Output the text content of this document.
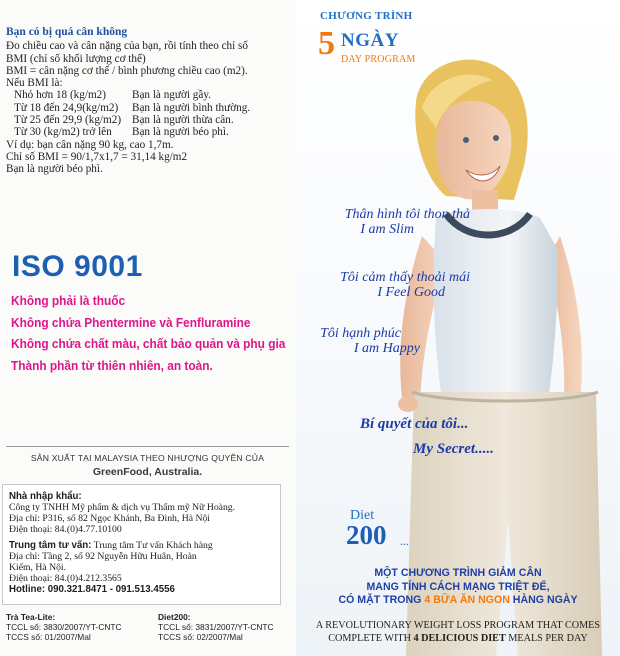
Bạn có bị quá cân không
Đo chiều cao và cân nặng của bạn, rồi tính theo chỉ số
BMI (chỉ số khối lượng cơ thể)
BMI = cân nặng cơ thể / bình phương chiều cao (m2).
Nếu BMI là:
Nhỏ hơn 18 (kg/m2)	Bạn là người gầy.
Từ 18 đến 24,9(kg/m2)	Bạn là người bình thường.
Từ 25 đến 29,9 (kg/m2) Bạn là người thừa cân.
Từ 30 (kg/m2) trở lên	Bạn là người béo phì.
Ví dụ: bạn cân nặng 90 kg, cao 1,7m.
Chỉ số BMI = 90/1,7x1,7 = 31,14 kg/m2
Bạn là người béo phì.
ISO 9001
Không phải là thuốc
Không chứa Phentermine và Fenfluramine
Không chứa chất màu, chất bảo quản và phụ gia
Thành phần từ thiên nhiên, an toàn.
SẢN XUẤT TẠI MALAYSIA THEO NHƯỢNG QUYỀN CỦA
GreenFood, Australia.
Nhà nhập khẩu:
Công ty TNHH Mỹ phẩm & dịch vụ Thẩm mỹ Nữ Hoàng.
Địa chỉ: P316, số 82 Ngọc Khánh, Ba Đình, Hà Nội
Điện thoại: 84.(0)4.77.10100
Trung tâm tư vấn: Trung tâm Tư vấn Khách hàng
Địa chỉ: Tầng 2, số 92 Nguyễn Hữu Huân, Hoàn
Kiếm, Hà Nội.
Điện thoại: 84.(0)4.212.3565
Hotline: 090.321.8471 - 091.513.4556
Trà Tea-Lite:
TCCL số: 3830/2007/YT-CNTC
TCCS số: 01/2007/Mal
Diet200:
TCCL số: 3831/2007/YT-CNTC
TCCS số: 02/2007/Mal
CHƯƠNG TRÌNH
5 NGÀY
DAY PROGRAM
Thân hình tôi thon thả
I am Slim
Tôi cảm thấy thoải mái
I Feel Good
Tôi hạnh phúc
I am Happy
Bí quyết của tôi...
My Secret.....
Diet
200 ...
MỘT CHƯƠNG TRÌNH GIẢM CÂN
MANG TÍNH CÁCH MẠNG TRIỆT ĐỂ,
CÓ MẶT TRONG 4 BỮA ĂN NGON HÀNG NGÀY
A REVOLUTIONARY WEIGHT LOSS PROGRAM THAT COMES
COMPLETE WITH 4 DELICIOUS DIET MEALS PER DAY
